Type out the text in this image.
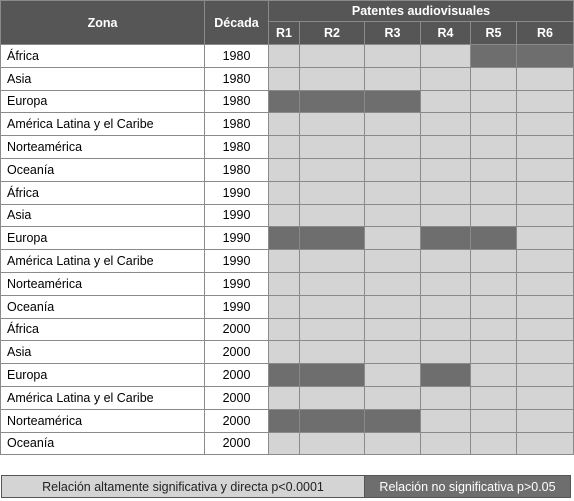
Zona	Década	Patentes audiovisuales					
		R1	R2	R3	R4	R5	R6
África	1980						
Asia	1980						
Europa	1980						
América Latina y el Caribe	1980						
Norteamérica	1980						
Oceanía	1980						
África	1990						
Asia	1990						
Europa	1990						
América Latina y el Caribe	1990						
Norteamérica	1990						
Oceanía	1990						
África	2000						
Asia	2000						
Europa	2000						
América Latina y el Caribe	2000						
Norteamérica	2000						
Oceanía	2000						
Relación altamente significativa y directa p<0.0001	Relación no significativa p>0.05
